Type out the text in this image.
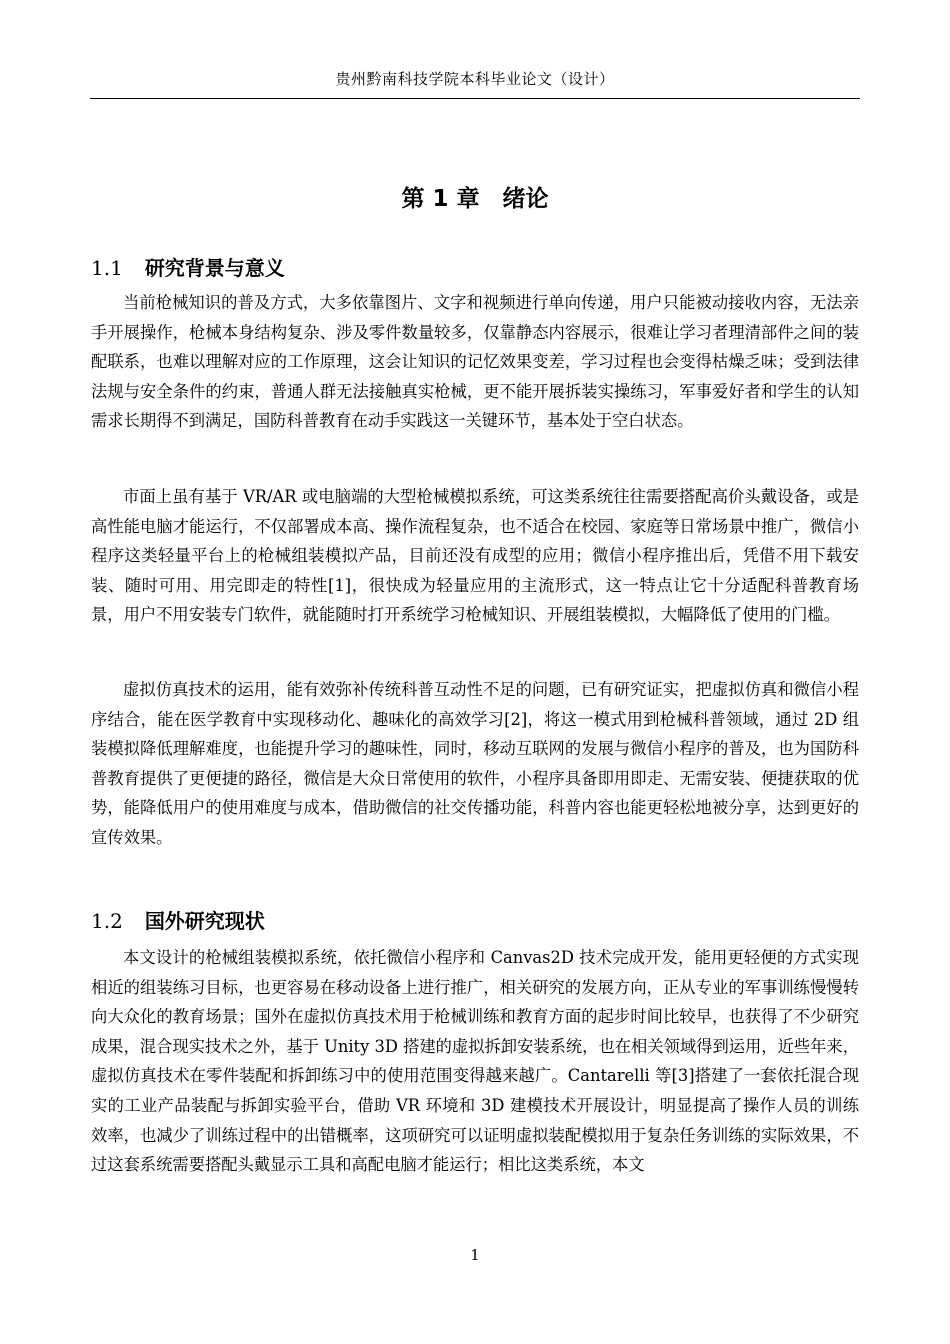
贵州黔南科技学院本科毕业论文（设计）
第 1 章　绪论
1.1 研究背景与意义

当前枪械知识的普及方式，大多依靠图片、文字和视频进行单向传递，用户只能被动接收内容，无法亲手开展操作，枪械本身结构复杂、涉及零件数量较多，仅靠静态内容展示，很难让学习者理清部件之间的装配联系，也难以理解对应的工作原理，这会让知识的记忆效果变差，学习过程也会变得枯燥乏味；受到法律法规与安全条件的约束，普通人群无法接触真实枪械，更不能开展拆装实操练习，军事爱好者和学生的认知需求长期得不到满足，国防科普教育在动手实践这一关键环节，基本处于空白状态。

市面上虽有基于 VR/AR 或电脑端的大型枪械模拟系统，可这类系统往往需要搭配高价头戴设备，或是高性能电脑才能运行，不仅部署成本高、操作流程复杂，也不适合在校园、家庭等日常场景中推广，微信小程序这类轻量平台上的枪械组装模拟产品，目前还没有成型的应用；微信小程序推出后，凭借不用下载安装、随时可用、用完即走的特性[1]，很快成为轻量应用的主流形式，这一特点让它十分适配科普教育场景，用户不用安装专门软件，就能随时打开系统学习枪械知识、开展组装模拟，大幅降低了使用的门槛。

虚拟仿真技术的运用，能有效弥补传统科普互动性不足的问题，已有研究证实，把虚拟仿真和微信小程序结合，能在医学教育中实现移动化、趣味化的高效学习[2]，将这一模式用到枪械科普领域，通过 2D 组装模拟降低理解难度，也能提升学习的趣味性，同时，移动互联网的发展与微信小程序的普及，也为国防科普教育提供了更便捷的路径，微信是大众日常使用的软件，小程序具备即用即走、无需安装、便捷获取的优势，能降低用户的使用难度与成本，借助微信的社交传播功能，科普内容也能更轻松地被分享，达到更好的宣传效果。

1.2 国外研究现状

本文设计的枪械组装模拟系统，依托微信小程序和 Canvas2D 技术完成开发，能用更轻便的方式实现相近的组装练习目标，也更容易在移动设备上进行推广，相关研究的发展方向，正从专业的军事训练慢慢转向大众化的教育场景；国外在虚拟仿真技术用于枪械训练和教育方面的起步时间比较早，也获得了不少研究成果，混合现实技术之外，基于 Unity 3D 搭建的虚拟拆卸安装系统，也在相关领域得到运用，近些年来，虚拟仿真技术在零件装配和拆卸练习中的使用范围变得越来越广。Cantarelli 等[3]搭建了一套依托混合现实的工业产品装配与拆卸实验平台，借助 VR 环境和 3D 建模技术开展设计，明显提高了操作人员的训练效率，也减少了训练过程中的出错概率，这项研究可以证明虚拟装配模拟用于复杂任务训练的实际效果，不过这套系统需要搭配头戴显示工具和高配电脑才能运行；相比这类系统，本文

1
